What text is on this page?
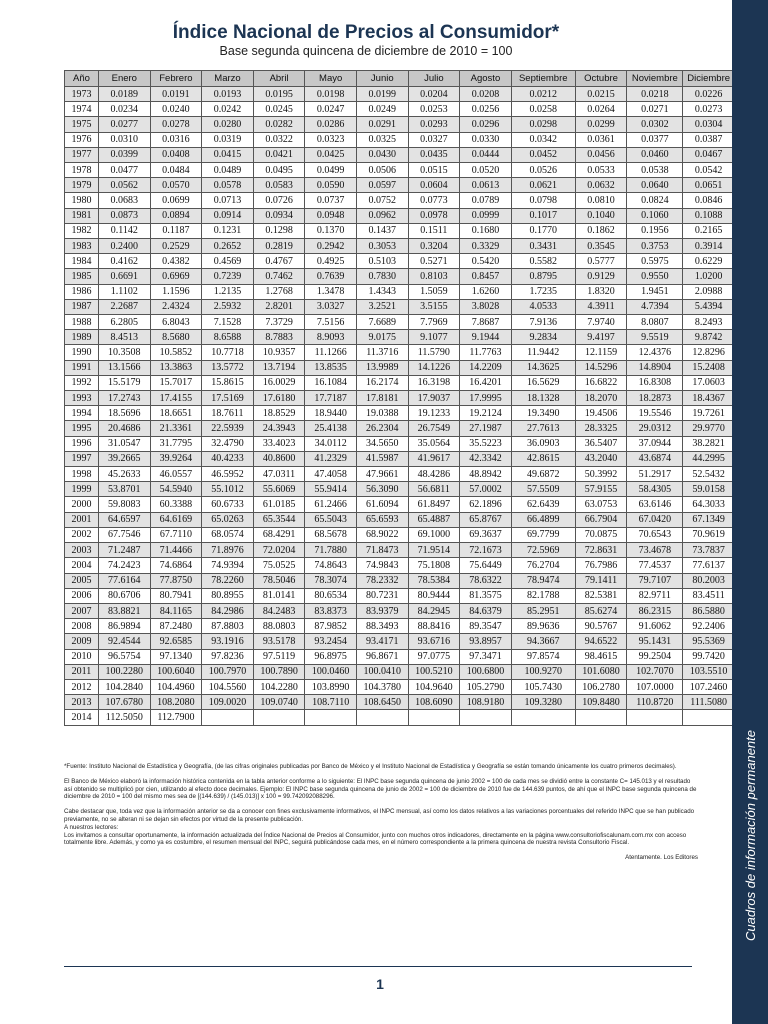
Índice Nacional de Precios al Consumidor*
Base segunda quincena de diciembre de 2010 = 100
Año	Enero	Febrero	Marzo	Abril	Mayo	Junio	Julio	Agosto	Septiembre	Octubre	Noviembre	Diciembre
1973	0.0189	0.0191	0.0193	0.0195	0.0198	0.0199	0.0204	0.0208	0.0212	0.0215	0.0218	0.0226
1974	0.0234	0.0240	0.0242	0.0245	0.0247	0.0249	0.0253	0.0256	0.0258	0.0264	0.0271	0.0273
1975	0.0277	0.0278	0.0280	0.0282	0.0286	0.0291	0.0293	0.0296	0.0298	0.0299	0.0302	0.0304
1976	0.0310	0.0316	0.0319	0.0322	0.0323	0.0325	0.0327	0.0330	0.0342	0.0361	0.0377	0.0387
1977	0.0399	0.0408	0.0415	0.0421	0.0425	0.0430	0.0435	0.0444	0.0452	0.0456	0.0460	0.0467
1978	0.0477	0.0484	0.0489	0.0495	0.0499	0.0506	0.0515	0.0520	0.0526	0.0533	0.0538	0.0542
1979	0.0562	0.0570	0.0578	0.0583	0.0590	0.0597	0.0604	0.0613	0.0621	0.0632	0.0640	0.0651
1980	0.0683	0.0699	0.0713	0.0726	0.0737	0.0752	0.0773	0.0789	0.0798	0.0810	0.0824	0.0846
1981	0.0873	0.0894	0.0914	0.0934	0.0948	0.0962	0.0978	0.0999	0.1017	0.1040	0.1060	0.1088
1982	0.1142	0.1187	0.1231	0.1298	0.1370	0.1437	0.1511	0.1680	0.1770	0.1862	0.1956	0.2165
1983	0.2400	0.2529	0.2652	0.2819	0.2942	0.3053	0.3204	0.3329	0.3431	0.3545	0.3753	0.3914
1984	0.4162	0.4382	0.4569	0.4767	0.4925	0.5103	0.5271	0.5420	0.5582	0.5777	0.5975	0.6229
1985	0.6691	0.6969	0.7239	0.7462	0.7639	0.7830	0.8103	0.8457	0.8795	0.9129	0.9550	1.0200
1986	1.1102	1.1596	1.2135	1.2768	1.3478	1.4343	1.5059	1.6260	1.7235	1.8320	1.9451	2.0988
1987	2.2687	2.4324	2.5932	2.8201	3.0327	3.2521	3.5155	3.8028	4.0533	4.3911	4.7394	5.4394
1988	6.2805	6.8043	7.1528	7.3729	7.5156	7.6689	7.7969	7.8687	7.9136	7.9740	8.0807	8.2493
1989	8.4513	8.5680	8.6588	8.7883	8.9093	9.0175	9.1077	9.1944	9.2834	9.4197	9.5519	9.8742
1990	10.3508	10.5852	10.7718	10.9357	11.1266	11.3716	11.5790	11.7763	11.9442	12.1159	12.4376	12.8296
1991	13.1566	13.3863	13.5772	13.7194	13.8535	13.9989	14.1226	14.2209	14.3625	14.5296	14.8904	15.2408
1992	15.5179	15.7017	15.8615	16.0029	16.1084	16.2174	16.3198	16.4201	16.5629	16.6822	16.8308	17.0603
1993	17.2743	17.4155	17.5169	17.6180	17.7187	17.8181	17.9037	17.9995	18.1328	18.2070	18.2873	18.4367
1994	18.5696	18.6651	18.7611	18.8529	18.9440	19.0388	19.1233	19.2124	19.3490	19.4506	19.5546	19.7261
1995	20.4686	21.3361	22.5939	24.3943	25.4138	26.2304	26.7549	27.1987	27.7613	28.3325	29.0312	29.9770
1996	31.0547	31.7795	32.4790	33.4023	34.0112	34.5650	35.0564	35.5223	36.0903	36.5407	37.0944	38.2821
1997	39.2665	39.9264	40.4233	40.8600	41.2329	41.5987	41.9617	42.3342	42.8615	43.2040	43.6874	44.2995
1998	45.2633	46.0557	46.5952	47.0311	47.4058	47.9661	48.4286	48.8942	49.6872	50.3992	51.2917	52.5432
1999	53.8701	54.5940	55.1012	55.6069	55.9414	56.3090	56.6811	57.0002	57.5509	57.9155	58.4305	59.0158
2000	59.8083	60.3388	60.6733	61.0185	61.2466	61.6094	61.8497	62.1896	62.6439	63.0753	63.6146	64.3033
2001	64.6597	64.6169	65.0263	65.3544	65.5043	65.6593	65.4887	65.8767	66.4899	66.7904	67.0420	67.1349
2002	67.7546	67.7110	68.0574	68.4291	68.5678	68.9022	69.1000	69.3637	69.7799	70.0875	70.6543	70.9619
2003	71.2487	71.4466	71.8976	72.0204	71.7880	71.8473	71.9514	72.1673	72.5969	72.8631	73.4678	73.7837
2004	74.2423	74.6864	74.9394	75.0525	74.8643	74.9843	75.1808	75.6449	76.2704	76.7986	77.4537	77.6137
2005	77.6164	77.8750	78.2260	78.5046	78.3074	78.2332	78.5384	78.6322	78.9474	79.1411	79.7107	80.2003
2006	80.6706	80.7941	80.8955	81.0141	80.6534	80.7231	80.9444	81.3575	82.1788	82.5381	82.9711	83.4511
2007	83.8821	84.1165	84.2986	84.2483	83.8373	83.9379	84.2945	84.6379	85.2951	85.6274	86.2315	86.5880
2008	86.9894	87.2480	87.8803	88.0803	87.9852	88.3493	88.8416	89.3547	89.9636	90.5767	91.6062	92.2406
2009	92.4544	92.6585	93.1916	93.5178	93.2454	93.4171	93.6716	93.8957	94.3667	94.6522	95.1431	95.5369
2010	96.5754	97.1340	97.8236	97.5119	96.8975	96.8671	97.0775	97.3471	97.8574	98.4615	99.2504	99.7420
2011	100.2280	100.6040	100.7970	100.7890	100.0460	100.0410	100.5210	100.6800	100.9270	101.6080	102.7070	103.5510
2012	104.2840	104.4960	104.5560	104.2280	103.8990	104.3780	104.9640	105.2790	105.7430	106.2780	107.0000	107.2460
2013	107.6780	108.2080	109.0020	109.0740	108.7110	108.6450	108.6090	108.9180	109.3280	109.8480	110.8720	111.5080
2014	112.5050	112.7900										

*Fuente: Instituto Nacional de Estadística y Geografía, (de las cifras originales publicadas por Banco de México y el Instituto Nacional de Estadística y Geografía se están tomando únicamente los cuatro primeros decimales).

El Banco de México elaboró la información histórica contenida en la tabla anterior conforme a lo siguiente: El INPC base segunda quincena de junio 2002 = 100 de cada mes se dividió entre la constante C= 145.013 y el resultado así obtenido se multiplicó por cien, utilizando al efecto doce decimales. Ejemplo: El INPC base segunda quincena de junio de 2002 = 100 de diciembre de 2010 fue de 144.639 puntos, de ahí que el INPC base segunda quincena de diciembre de 2010 = 100 del mismo mes sea de [(144.639) / (145.013)] x 100 = 99.742092088296.

Cabe destacar que, toda vez que la información anterior se da a conocer con fines exclusivamente informativos, el INPC mensual, así como los datos relativos a las variaciones porcentuales del referido INPC que se han publicado previamente, no se alteran ni se dejan sin efectos por virtud de la presente publicación.
A nuestros lectores:
Los invitamos a consultar oportunamente, la información actualizada del Índice Nacional de Precios al Consumidor, junto con muchos otros indicadores, directamente en la página www.consultoriofiscalunam.com.mx con acceso totalmente libre. Además, y como ya es costumbre, el resumen mensual del INPC, seguirá publicándose cada mes, en el número correspondiente a la primera quincena de nuestra revista Consultorio Fiscal.

Atentamente. Los Editores

1
Cuadros de información permanente
